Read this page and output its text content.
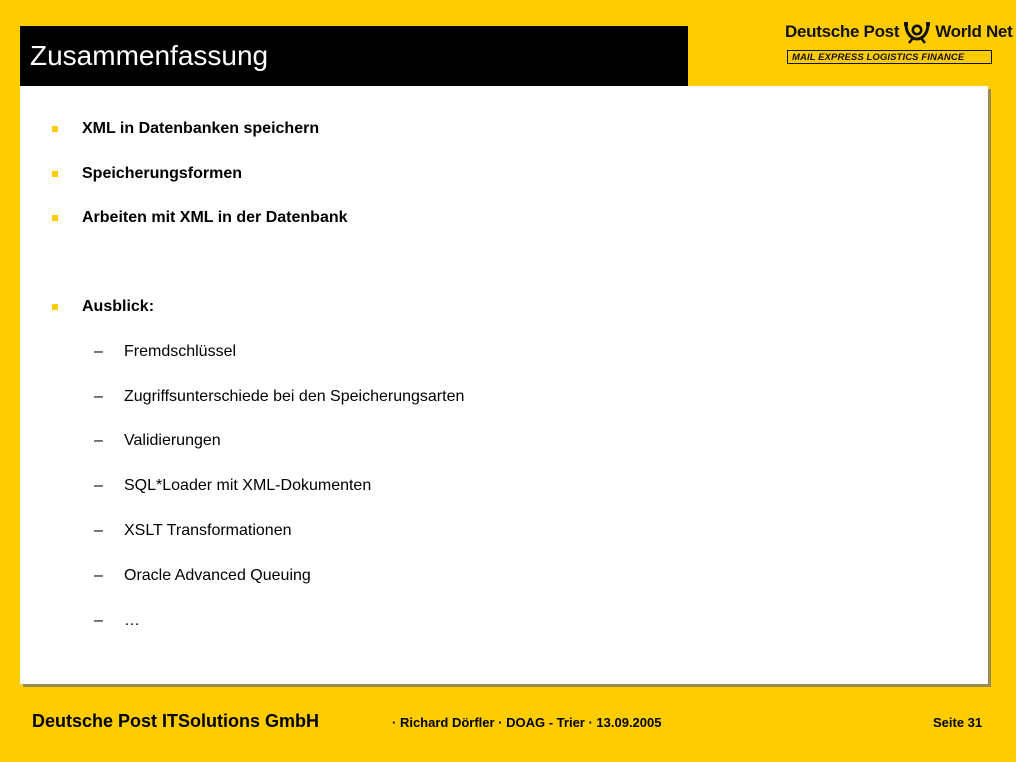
Zusammenfassung
Deutsche Post World Net
MAIL EXPRESS LOGISTICS FINANCE
XML in Datenbanken speichern
Speicherungsformen
Arbeiten mit XML in der Datenbank
Ausblick:
– Fremdschlüssel
– Zugriffsunterschiede bei den Speicherungsarten
– Validierungen
– SQL*Loader mit XML-Dokumenten
– XSLT Transformationen
– Oracle Advanced Queuing
– …
Deutsche Post ITSolutions GmbH	· Richard Dörfler · DOAG - Trier · 13.09.2005	Seite 31
